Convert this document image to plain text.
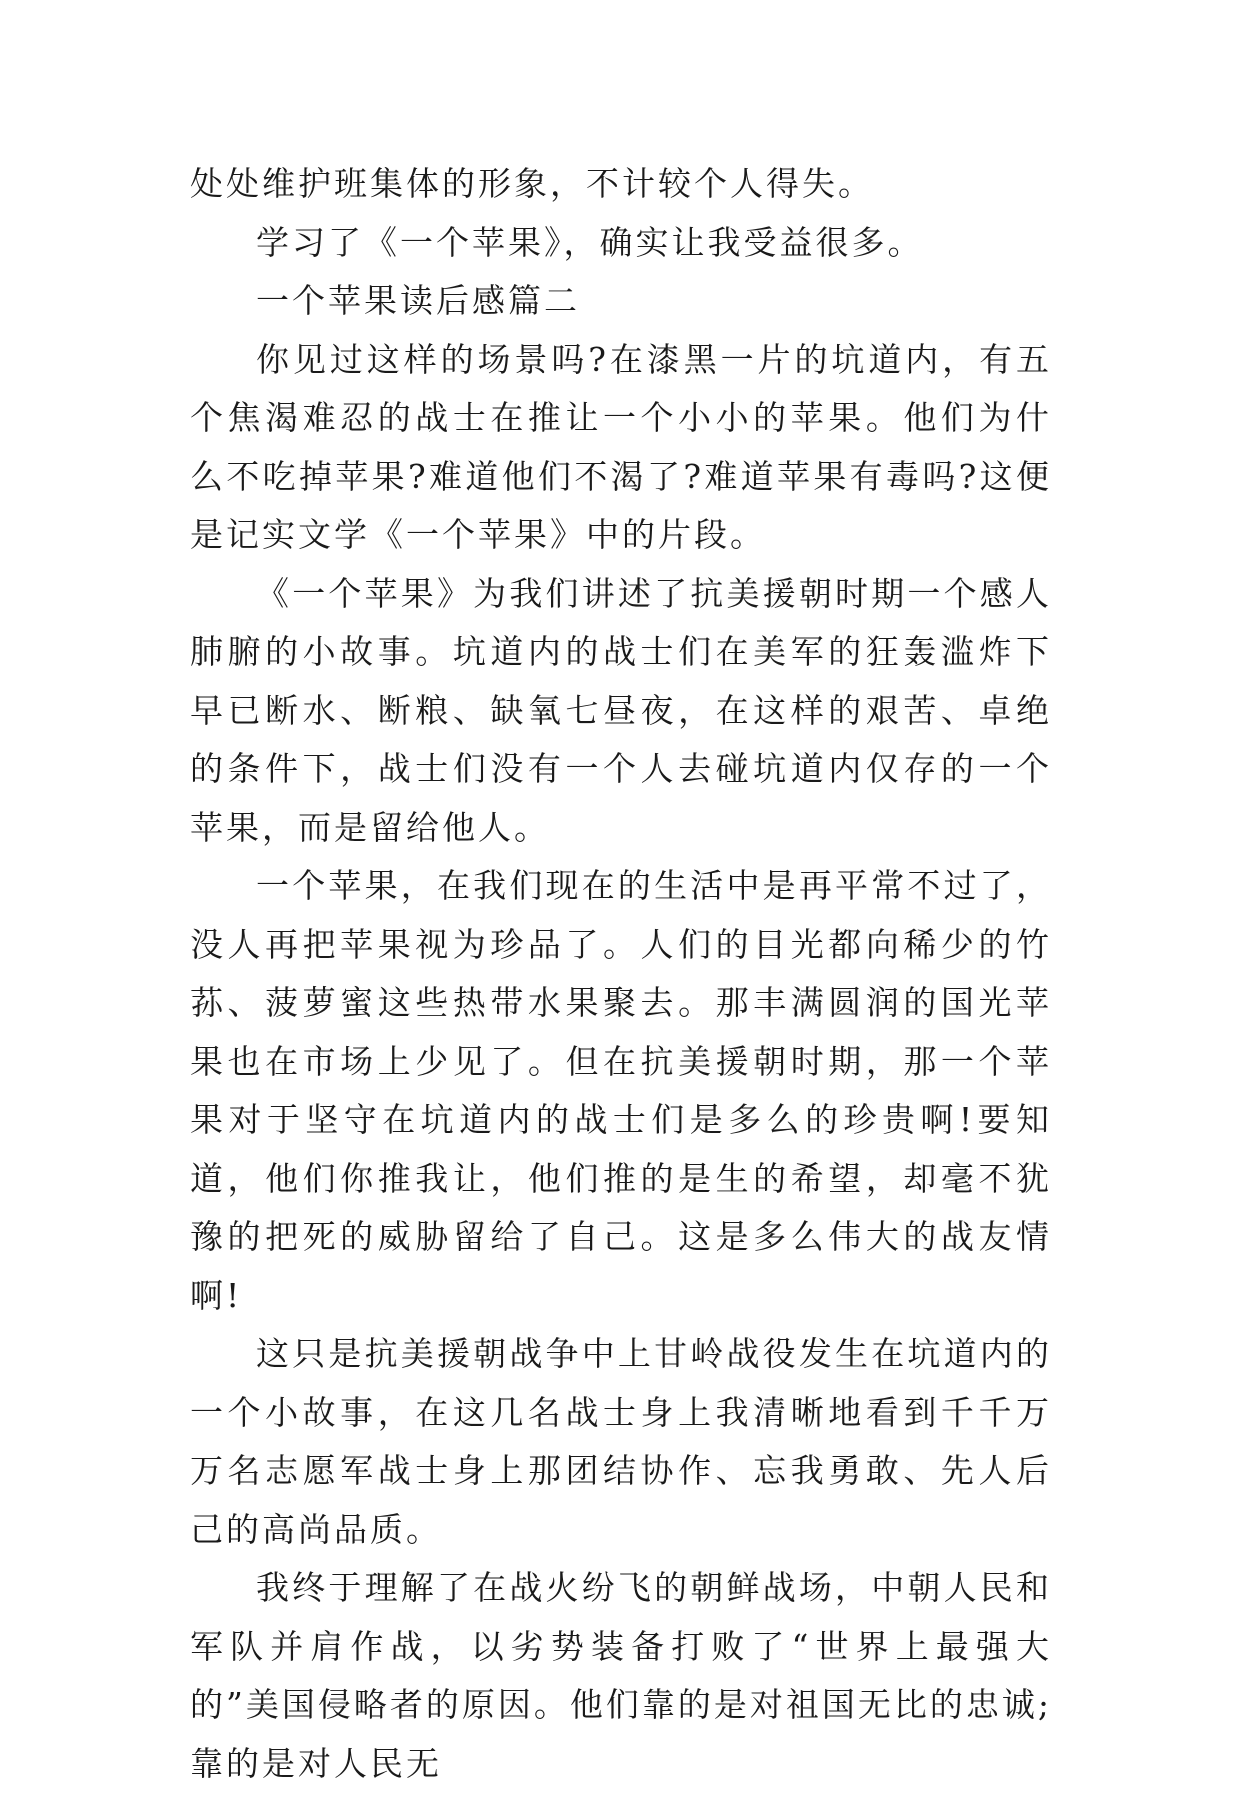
处处维护班集体的形象，不计较个人得失。

学习了《一个苹果》，确实让我受益很多。

一个苹果读后感篇二

你见过这样的场景吗?在漆黑一片的坑道内，有五个焦渴难忍的战士在推让一个小小的苹果。他们为什么不吃掉苹果?难道他们不渴了?难道苹果有毒吗?这便是记实文学《一个苹果》中的片段。

《一个苹果》为我们讲述了抗美援朝时期一个感人肺腑的小故事。坑道内的战士们在美军的狂轰滥炸下早已断水、断粮、缺氧七昼夜，在这样的艰苦、卓绝的条件下，战士们没有一个人去碰坑道内仅存的一个苹果，而是留给他人。

一个苹果，在我们现在的生活中是再平常不过了，没人再把苹果视为珍品了。人们的目光都向稀少的竹荪、菠萝蜜这些热带水果聚去。那丰满圆润的国光苹果也在市场上少见了。但在抗美援朝时期，那一个苹果对于坚守在坑道内的战士们是多么的珍贵啊!要知道，他们你推我让，他们推的是生的希望，却毫不犹豫的把死的威胁留给了自己。这是多么伟大的战友情啊!

这只是抗美援朝战争中上甘岭战役发生在坑道内的一个小故事，在这几名战士身上我清晰地看到千千万万名志愿军战士身上那团结协作、忘我勇敢、先人后己的高尚品质。

我终于理解了在战火纷飞的朝鲜战场，中朝人民和军队并肩作战，以劣势装备打败了“世界上最强大的”美国侵略者的原因。他们靠的是对祖国无比的忠诚;靠的是对人民无
